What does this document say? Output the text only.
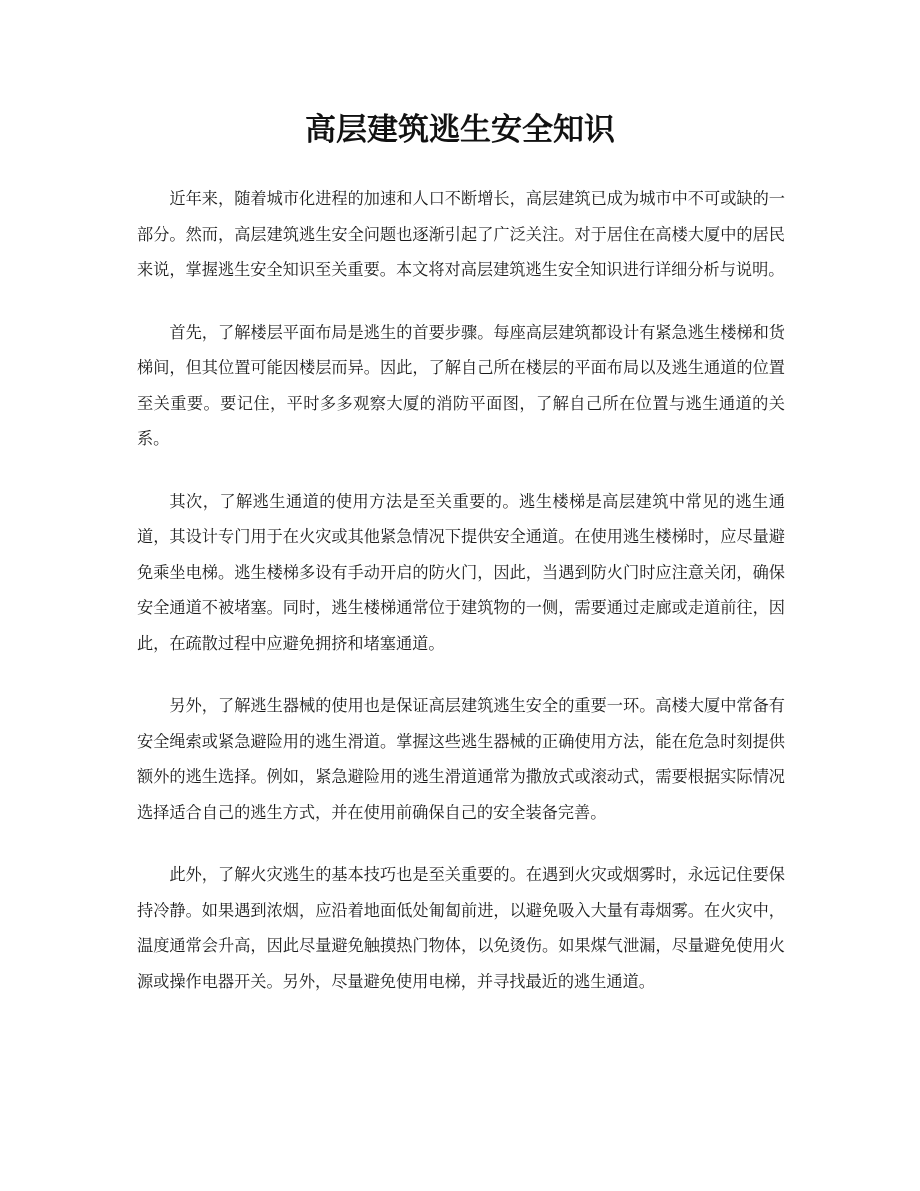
高层建筑逃生安全知识

近年来，随着城市化进程的加速和人口不断增长，高层建筑已成为城市中不可或缺的一部分。然而，高层建筑逃生安全问题也逐渐引起了广泛关注。对于居住在高楼大厦中的居民来说，掌握逃生安全知识至关重要。本文将对高层建筑逃生安全知识进行详细分析与说明。

首先，了解楼层平面布局是逃生的首要步骤。每座高层建筑都设计有紧急逃生楼梯和货梯间，但其位置可能因楼层而异。因此，了解自己所在楼层的平面布局以及逃生通道的位置至关重要。要记住，平时多多观察大厦的消防平面图，了解自己所在位置与逃生通道的关系。

其次，了解逃生通道的使用方法是至关重要的。逃生楼梯是高层建筑中常见的逃生通道，其设计专门用于在火灾或其他紧急情况下提供安全通道。在使用逃生楼梯时，应尽量避免乘坐电梯。逃生楼梯多设有手动开启的防火门，因此，当遇到防火门时应注意关闭，确保安全通道不被堵塞。同时，逃生楼梯通常位于建筑物的一侧，需要通过走廊或走道前往，因此，在疏散过程中应避免拥挤和堵塞通道。

另外，了解逃生器械的使用也是保证高层建筑逃生安全的重要一环。高楼大厦中常备有安全绳索或紧急避险用的逃生滑道。掌握这些逃生器械的正确使用方法，能在危急时刻提供额外的逃生选择。例如，紧急避险用的逃生滑道通常为撒放式或滚动式，需要根据实际情况选择适合自己的逃生方式，并在使用前确保自己的安全装备完善。

此外，了解火灾逃生的基本技巧也是至关重要的。在遇到火灾或烟雾时，永远记住要保持冷静。如果遇到浓烟，应沿着地面低处匍匐前进，以避免吸入大量有毒烟雾。在火灾中，温度通常会升高，因此尽量避免触摸热门物体，以免烫伤。如果煤气泄漏，尽量避免使用火源或操作电器开关。另外，尽量避免使用电梯，并寻找最近的逃生通道。
